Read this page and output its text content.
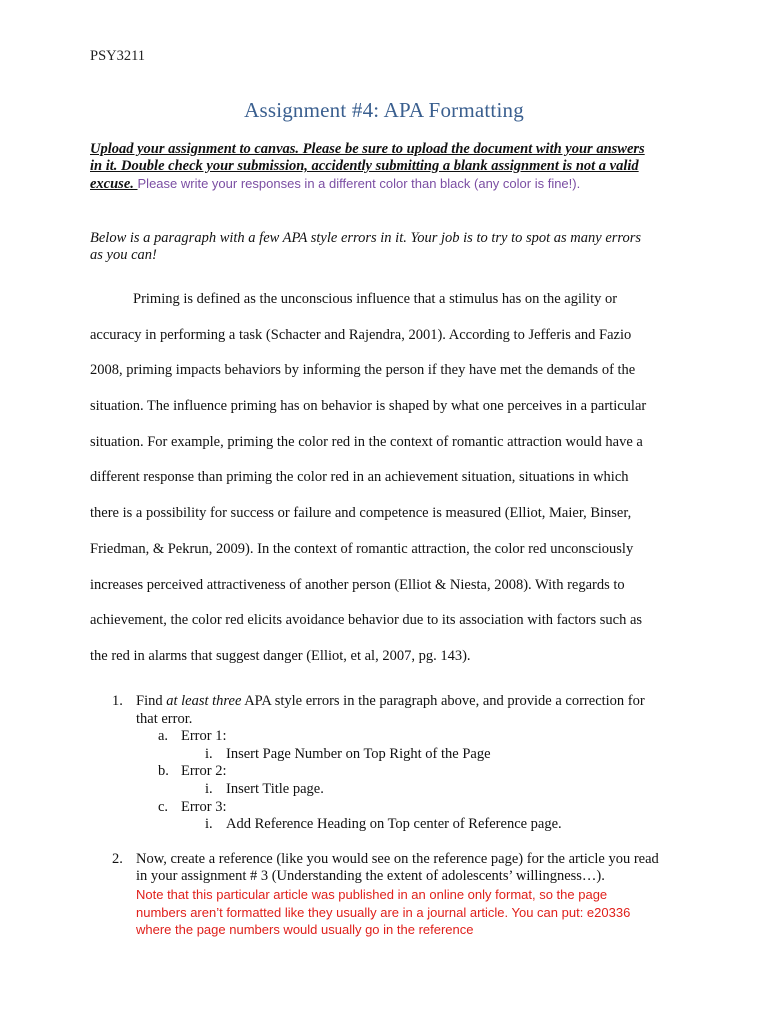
PSY3211
Assignment #4: APA Formatting
Upload your assignment to canvas. Please be sure to upload the document with your answers in it. Double check your submission, accidently submitting a blank assignment is not a valid excuse. Please write your responses in a different color than black (any color is fine!).
Below is a paragraph with a few APA style errors in it. Your job is to try to spot as many errors as you can!
Priming is defined as the unconscious influence that a stimulus has on the agility or
accuracy in performing a task (Schacter and Rajendra, 2001). According to Jefferis and Fazio
2008, priming impacts behaviors by informing the person if they have met the demands of the
situation. The influence priming has on behavior is shaped by what one perceives in a particular
situation. For example, priming the color red in the context of romantic attraction would have a
different response than priming the color red in an achievement situation, situations in which
there is a possibility for success or failure and competence is measured (Elliot, Maier, Binser,
Friedman, & Pekrun, 2009). In the context of romantic attraction, the color red unconsciously
increases perceived attractiveness of another person (Elliot & Niesta, 2008). With regards to
achievement, the color red elicits avoidance behavior due to its association with factors such as
the red in alarms that suggest danger (Elliot, et al, 2007, pg. 143).
1. Find at least three APA style errors in the paragraph above, and provide a correction for that error.
a. Error 1:
i. Insert Page Number on Top Right of the Page
b. Error 2:
i. Insert Title page.
c. Error 3:
i. Add Reference Heading on Top center of Reference page.
2. Now, create a reference (like you would see on the reference page) for the article you read in your assignment # 3 (Understanding the extent of adolescents’ willingness…).
Note that this particular article was published in an online only format, so the page numbers aren’t formatted like they usually are in a journal article. You can put: e20336 where the page numbers would usually go in the reference
